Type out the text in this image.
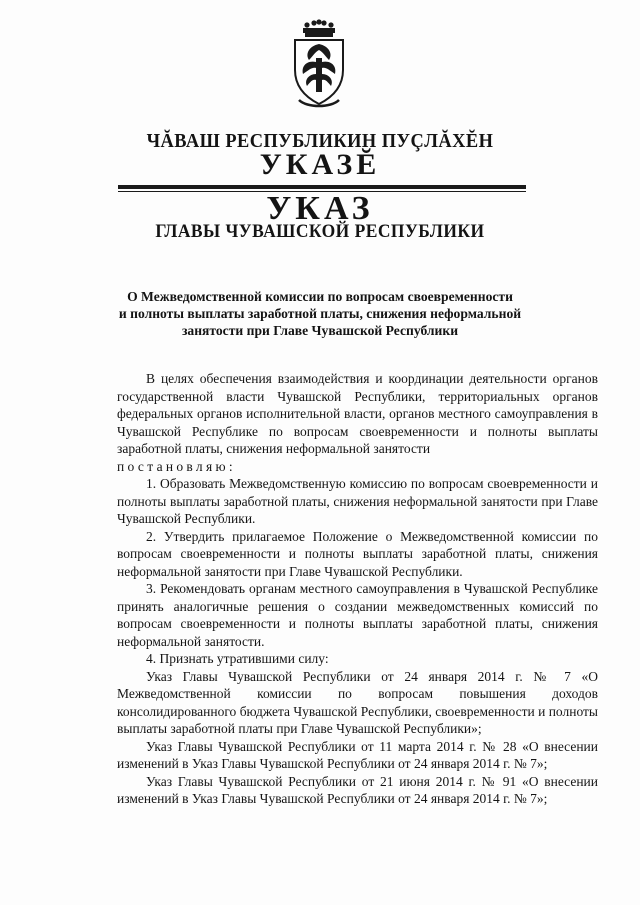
ЧĂВАШ РЕСПУБЛИКИН ПУÇЛĂХĔН
УКАЗĔ
УКАЗ
ГЛАВЫ ЧУВАШСКОЙ РЕСПУБЛИКИ
О Межведомственной комиссии по вопросам своевременности
и полноты выплаты заработной платы, снижения неформальной
занятости при Главе Чувашской Республики

В целях обеспечения взаимодействия и координации деятельности органов государственной власти Чувашской Республики, территориальных органов федеральных органов исполнительной власти, органов местного самоуправления в Чувашской Республике по вопросам своевременности и полноты выплаты заработной платы, снижения неформальной занятости

постановляю:

1. Образовать Межведомственную комиссию по вопросам своевременности и полноты выплаты заработной платы, снижения неформальной занятости при Главе Чувашской Республики.

2. Утвердить прилагаемое Положение о Межведомственной комиссии по вопросам своевременности и полноты выплаты заработной платы, снижения неформальной занятости при Главе Чувашской Республики.

3. Рекомендовать органам местного самоуправления в Чувашской Республике принять аналогичные решения о создании межведомственных комиссий по вопросам своевременности и полноты выплаты заработной платы, снижения неформальной занятости.

4. Признать утратившими силу:

Указ Главы Чувашской Республики от 24 января 2014 г. № 7 «О Межведомственной комиссии по вопросам повышения доходов консолидированного бюджета Чувашской Республики, своевременности и полноты выплаты заработной платы при Главе Чувашской Республики»;

Указ Главы Чувашской Республики от 11 марта 2014 г. № 28 «О внесении изменений в Указ Главы Чувашской Республики от 24 января 2014 г. № 7»;

Указ Главы Чувашской Республики от 21 июня 2014 г. № 91 «О внесении изменений в Указ Главы Чувашской Республики от 24 января 2014 г. № 7»;
